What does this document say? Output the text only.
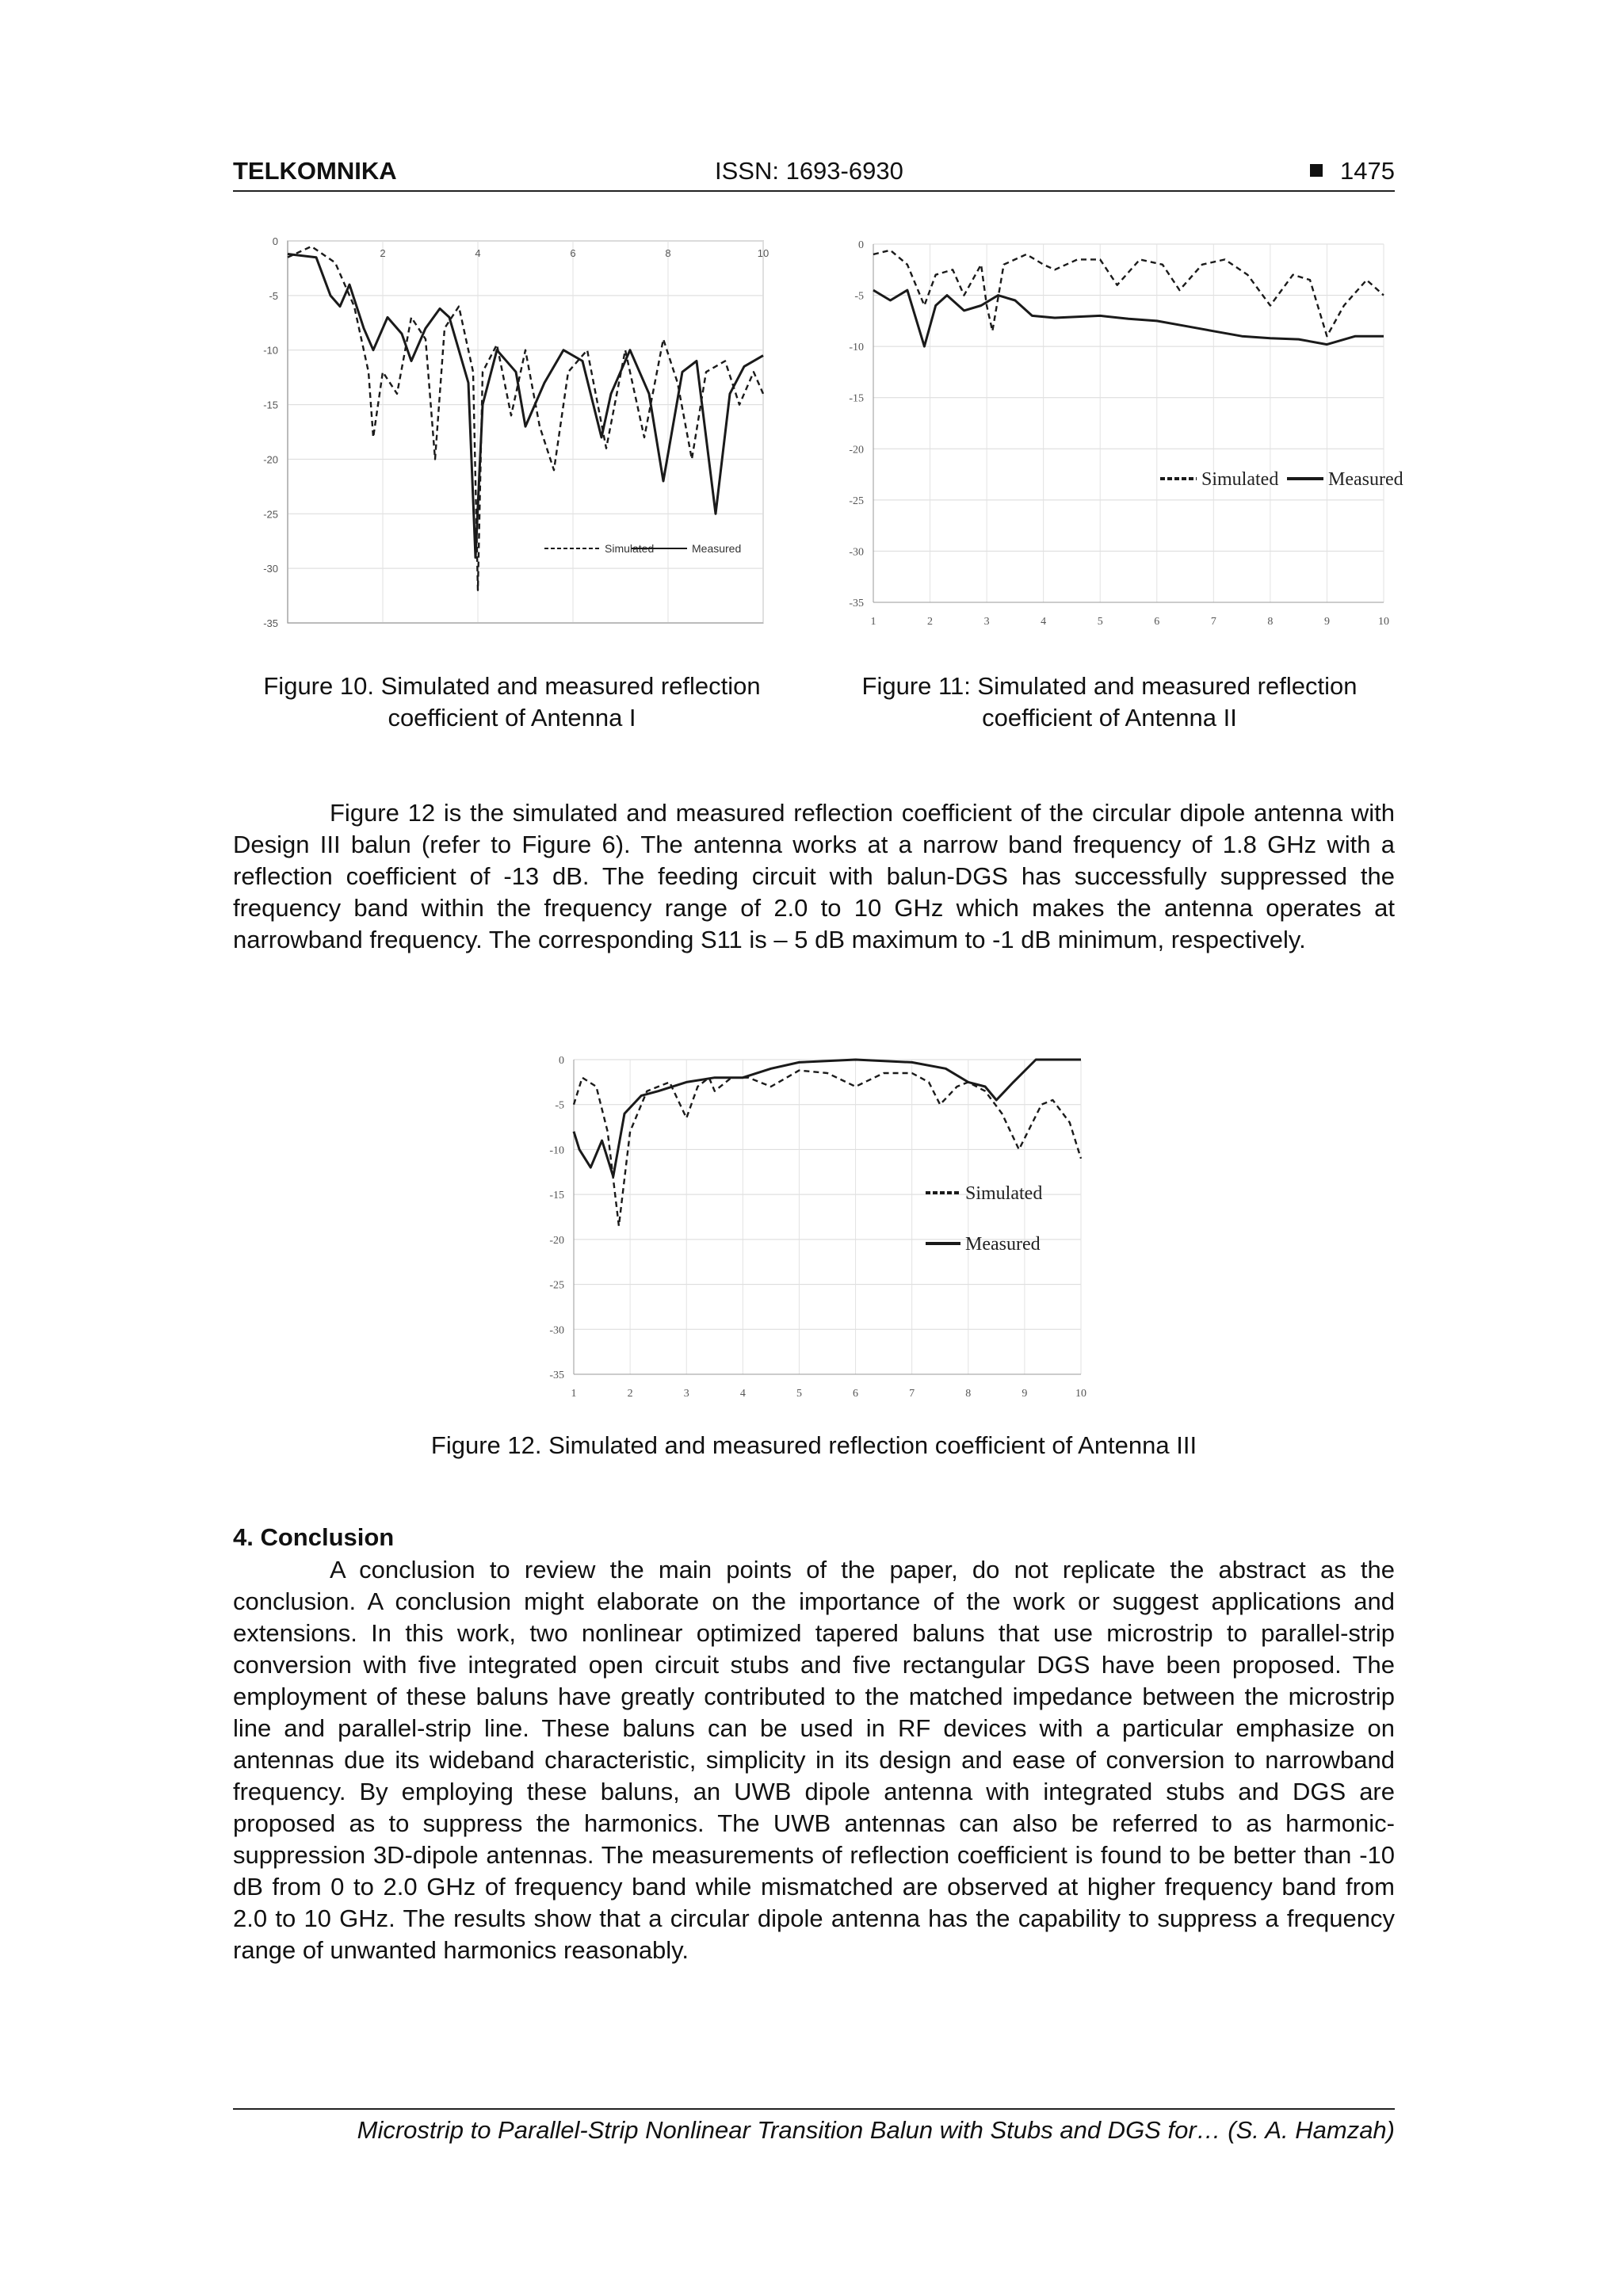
TELKOMNIKA	ISSN: 1693-6930	1475
0
-5
-10
-15
-20
-25
-30
-35
2	4	6	8	10
Simulated	Measured
Figure 10. Simulated and measured reflection coefficient of Antenna I
0
-5
-10
-15
-20
-25
-30
-35
1	2	3	4	5	6	7	8	9	10
Simulated	Measured
Figure 11: Simulated and measured reflection coefficient of Antenna II

Figure 12 is the simulated and measured reflection coefficient of the circular dipole antenna with Design III balun (refer to Figure 6). The antenna works at a narrow band frequency of 1.8 GHz with a reflection coefficient of -13 dB. The feeding circuit with balun-DGS has successfully suppressed the frequency band within the frequency range of 2.0 to 10 GHz which makes the antenna operates at narrowband frequency. The corresponding S11 is – 5 dB maximum to -1 dB minimum, respectively.

0
-5
-10
-15
-20
-25
-30
-35
1	2	3	4	5	6	7	8	9	10
Simulated
Measured
Figure 12. Simulated and measured reflection coefficient of Antenna III
4. Conclusion

A conclusion to review the main points of the paper, do not replicate the abstract as the conclusion. A conclusion might elaborate on the importance of the work or suggest applications and extensions. In this work, two nonlinear optimized tapered baluns that use microstrip to parallel-strip conversion with five integrated open circuit stubs and five rectangular DGS have been proposed. The employment of these baluns have greatly contributed to the matched impedance between the microstrip line and parallel-strip line. These baluns can be used in RF devices with a particular emphasize on antennas due its wideband characteristic, simplicity in its design and ease of conversion to narrowband frequency. By employing these baluns, an UWB dipole antenna with integrated stubs and DGS are proposed as to suppress the harmonics. The UWB antennas can also be referred to as harmonic-suppression 3D-dipole antennas. The measurements of reflection coefficient is found to be better than -10 dB from 0 to 2.0 GHz of frequency band while mismatched are observed at higher frequency band from 2.0 to 10 GHz. The results show that a circular dipole antenna has the capability to suppress a frequency range of unwanted harmonics reasonably.

Microstrip to Parallel-Strip Nonlinear Transition Balun with Stubs and DGS for… (S. A. Hamzah)
